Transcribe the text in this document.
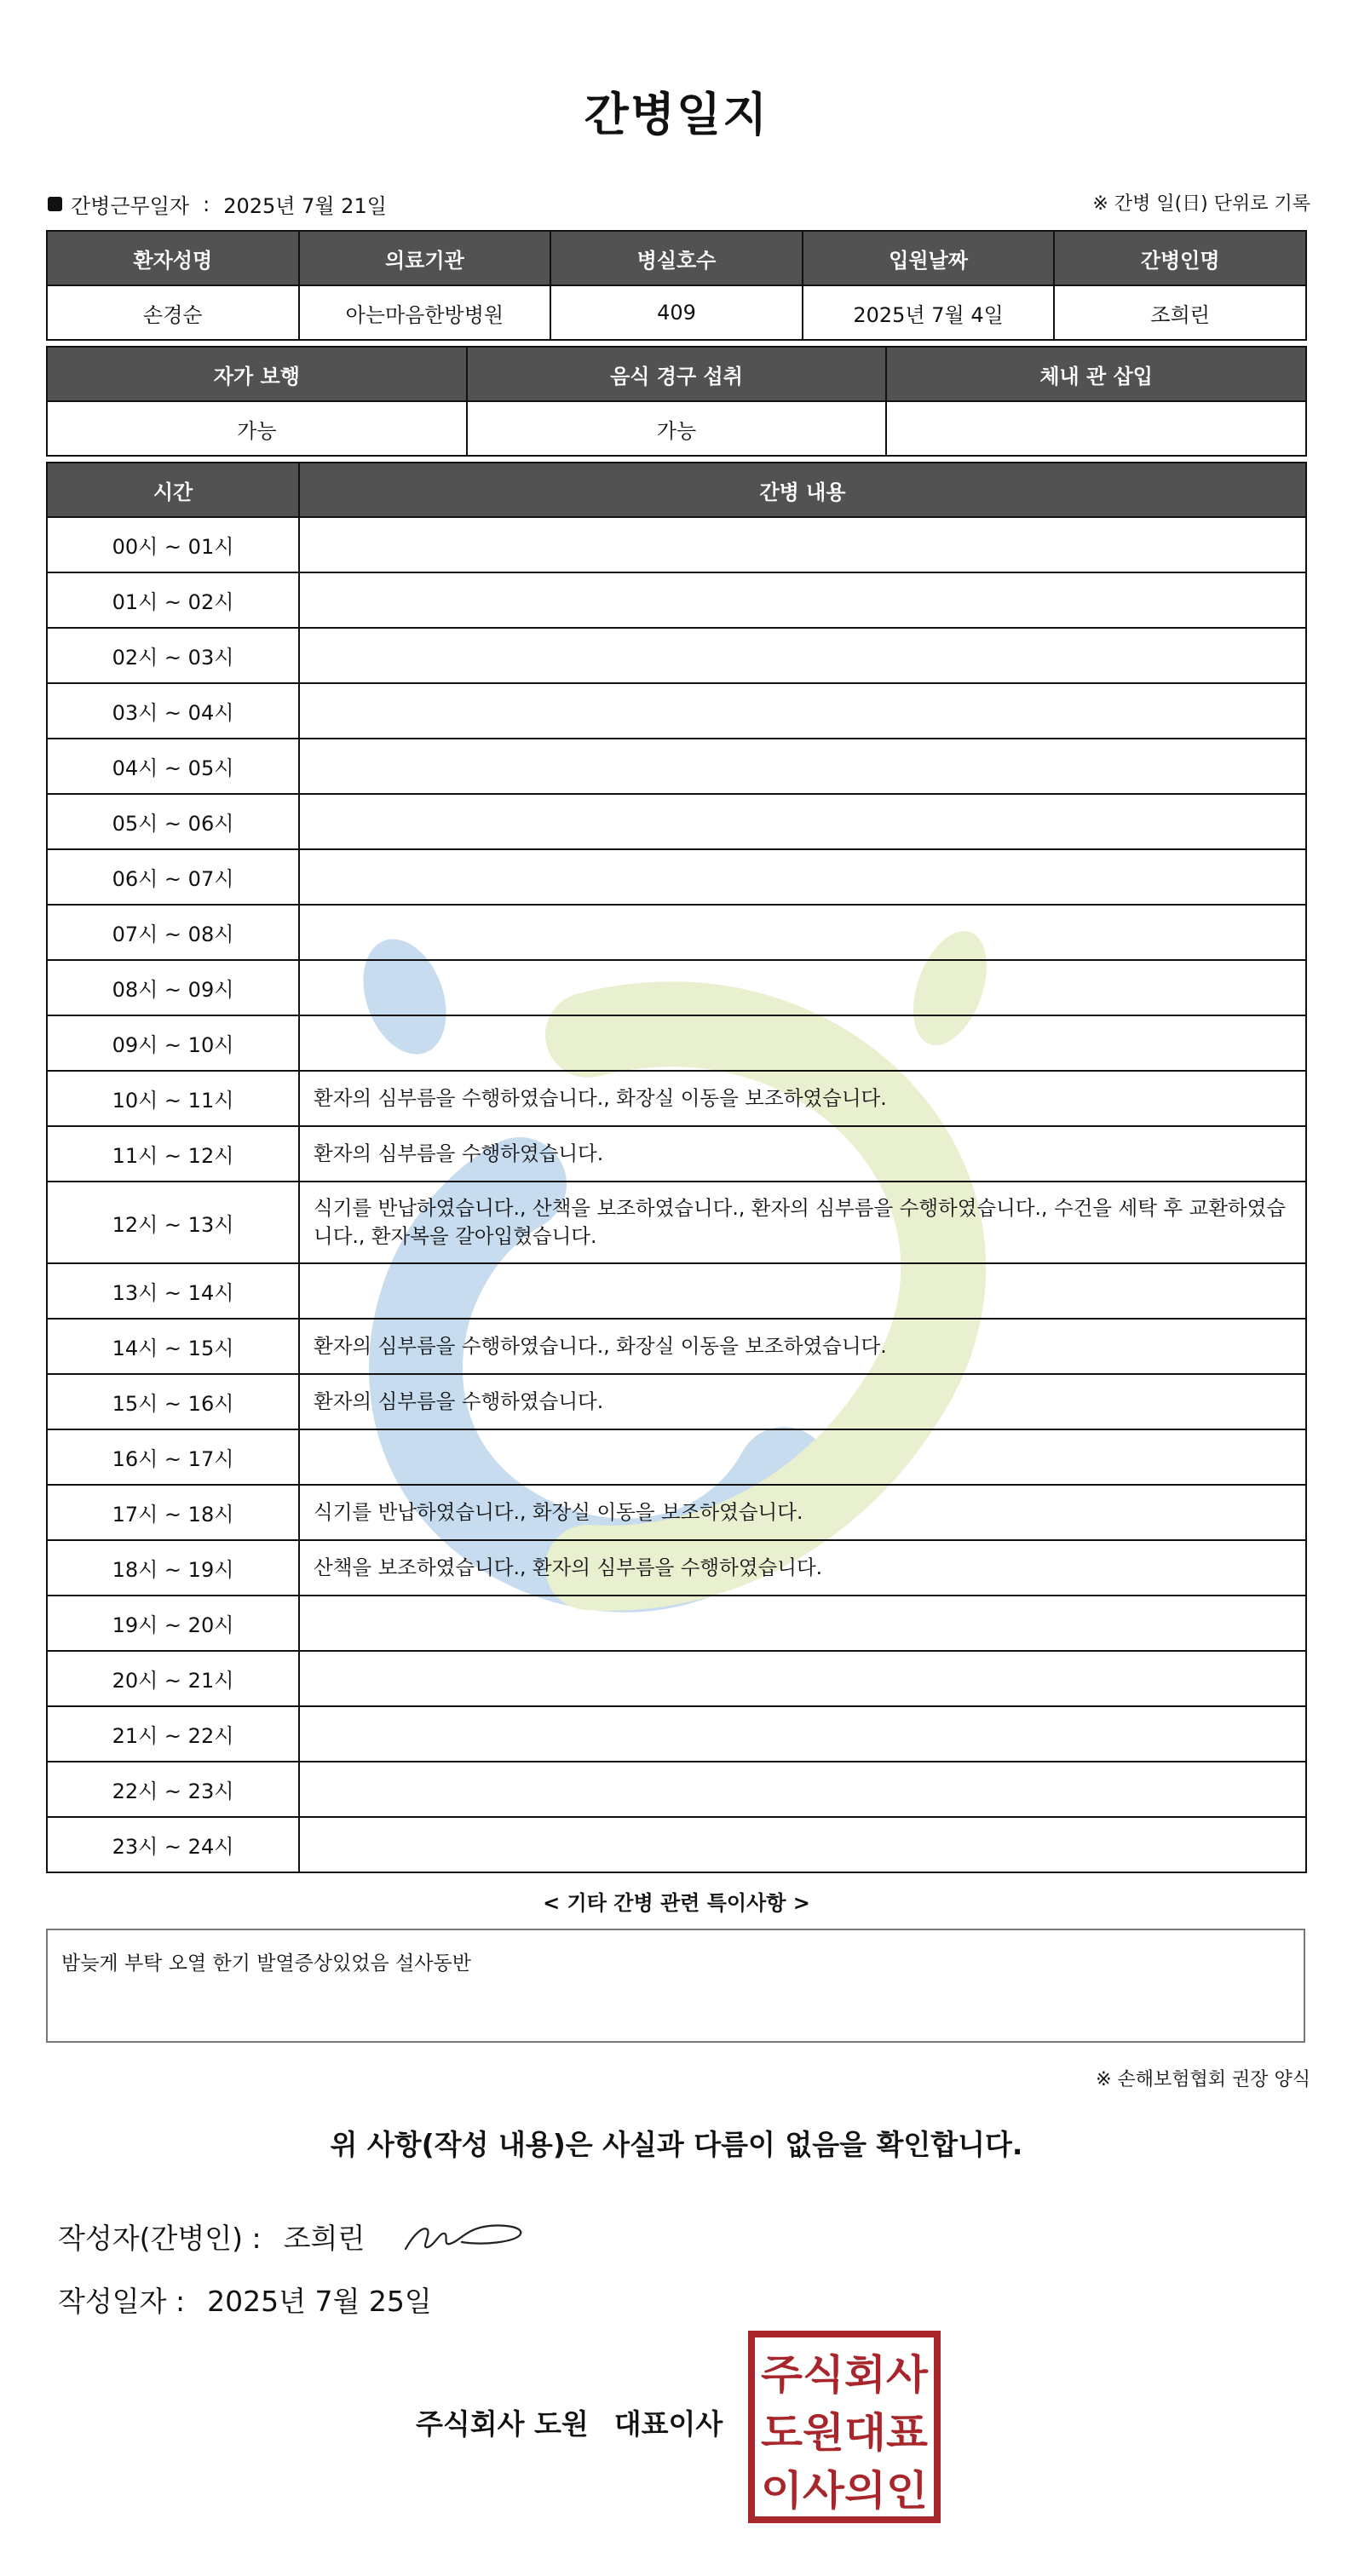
간병일지
간병근무일자 : 2025년 7월 21일	※ 간병 일(日) 단위로 기록
환자성명	의료기관	병실호수	입원날짜	간병인명
손경순	아는마음한방병원	409	2025년 7월 4일	조희린
자가 보행	음식 경구 섭취	체내 관 삽입
가능	가능	
시간	간병 내용
00시 ~ 01시	
01시 ~ 02시	
02시 ~ 03시	
03시 ~ 04시	
04시 ~ 05시	
05시 ~ 06시	
06시 ~ 07시	
07시 ~ 08시	
08시 ~ 09시	
09시 ~ 10시	
10시 ~ 11시	환자의 심부름을 수행하였습니다., 화장실 이동을 보조하였습니다.
11시 ~ 12시	환자의 심부름을 수행하였습니다.
12시 ~ 13시	식기를 반납하였습니다., 산책을 보조하였습니다., 환자의 심부름을 수행하였습니다., 수건을 세탁 후 교환하였습니다., 환자복을 갈아입혔습니다.
13시 ~ 14시	
14시 ~ 15시	환자의 심부름을 수행하였습니다., 화장실 이동을 보조하였습니다.
15시 ~ 16시	환자의 심부름을 수행하였습니다.
16시 ~ 17시	
17시 ~ 18시	식기를 반납하였습니다., 화장실 이동을 보조하였습니다.
18시 ~ 19시	산책을 보조하였습니다., 환자의 심부름을 수행하였습니다.
19시 ~ 20시	
20시 ~ 21시	
21시 ~ 22시	
22시 ~ 23시	
23시 ~ 24시	
< 기타 간병 관련 특이사항 >
밤늦게 부탁 오열 한기 발열증상있었음 설사동반
※ 손해보험협회 권장 양식
위 사항(작성 내용)은 사실과 다름이 없음을 확인합니다.
작성자(간병인) : 조희린
작성일자 : 2025년 7월 25일
주식회사 도원 대표이사
주식회사
도원대표
이사의인
